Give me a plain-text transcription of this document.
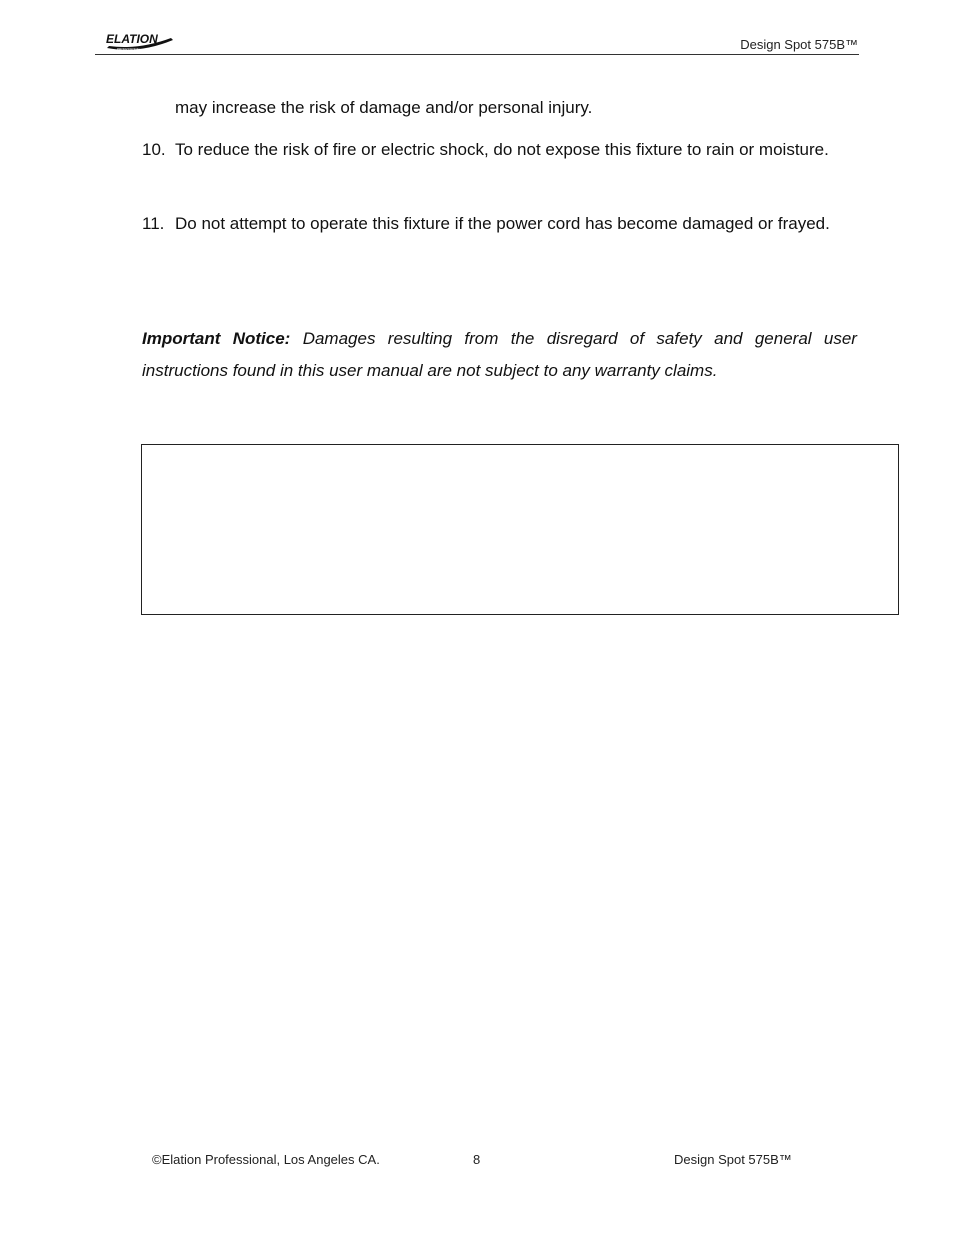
ELATION
PROFESSIONAL	Design Spot 575B™
may increase the risk of damage and/or personal injury.
10. To reduce the risk of fire or electric shock, do not expose this fixture to rain or moisture.
11. Do not attempt to operate this fixture if the power cord has become damaged or frayed.
Important Notice: Damages resulting from the disregard of safety and general user instructions found in this user manual are not subject to any warranty claims.
©Elation Professional, Los Angeles CA.	8	Design Spot 575B™
